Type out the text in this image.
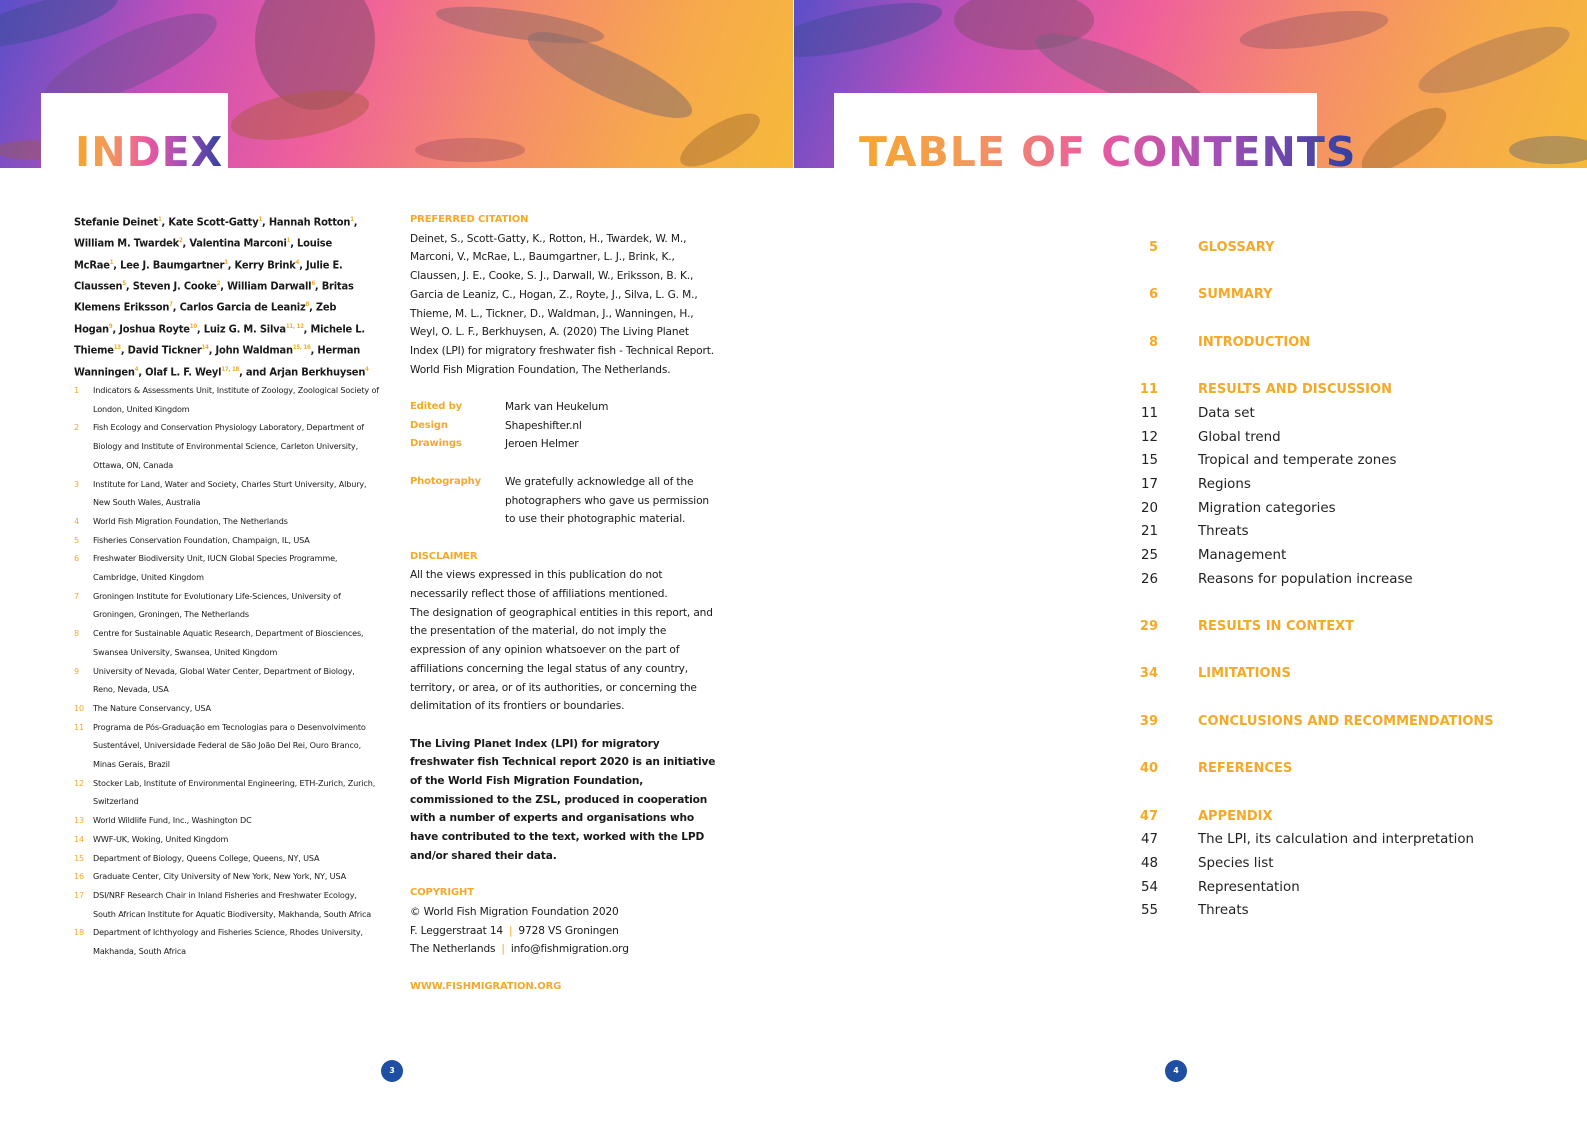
INDEX

Stefanie Deinet$^1$, Kate Scott-Gatty$^1$, Hannah Rotton$^1$, William M. Twardek$^2$, Valentina Marconi$^1$, Louise McRae$^1$, Lee J. Baumgartner$^3$, Kerry Brink$^4$, Julie E. Claussen$^5$, Steven J. Cooke$^2$, William Darwall$^6$, Britas Klemens Eriksson$^7$, Carlos Garcia de Leaniz$^8$, Zeb Hogan$^9$, Joshua Royte$^{10}$, Luiz G. M. Silva$^{11, 12}$, Michele L. Thieme$^{13}$, David Tickner$^{14}$, John Waldman$^{15, 16}$, Herman Wanningen$^4$, Olaf L. F. Weyl$^{17, 18}$, and Arjan Berkhuysen$^4$

1 Indicators & Assessments Unit, Institute of Zoology, Zoological Society of London, United Kingdom
2 Fish Ecology and Conservation Physiology Laboratory, Department of Biology and Institute of Environmental Science, Carleton University, Ottawa, ON, Canada
3 Institute for Land, Water and Society, Charles Sturt University, Albury, New South Wales, Australia
4 World Fish Migration Foundation, The Netherlands
5 Fisheries Conservation Foundation, Champaign, IL, USA
6 Freshwater Biodiversity Unit, IUCN Global Species Programme, Cambridge, United Kingdom
7 Groningen Institute for Evolutionary Life-Sciences, University of Groningen, Groningen, The Netherlands
8 Centre for Sustainable Aquatic Research, Department of Biosciences, Swansea University, Swansea, United Kingdom
9 University of Nevada, Global Water Center, Department of Biology, Reno, Nevada, USA
10 The Nature Conservancy, USA
11 Programa de Pós-Graduação em Tecnologias para o Desenvolvimento Sustentável, Universidade Federal de São João Del Rei, Ouro Branco, Minas Gerais, Brazil
12 Stocker Lab, Institute of Environmental Engineering, ETH-Zurich, Zurich, Switzerland
13 World Wildlife Fund, Inc., Washington DC
14 WWF-UK, Woking, United Kingdom
15 Department of Biology, Queens College, Queens, NY, USA
16 Graduate Center, City University of New York, New York, NY, USA
17 DSI/NRF Research Chair in Inland Fisheries and Freshwater Ecology, South African Institute for Aquatic Biodiversity, Makhanda, South Africa
18 Department of Ichthyology and Fisheries Science, Rhodes University, Makhanda, South Africa
PREFERRED CITATION

Deinet, S., Scott-Gatty, K., Rotton, H., Twardek, W. M., Marconi, V., McRae, L., Baumgartner, L. J., Brink, K., Claussen, J. E., Cooke, S. J., Darwall, W., Eriksson, B. K., Garcia de Leaniz, C., Hogan, Z., Royte, J., Silva, L. G. M., Thieme, M. L., Tickner, D., Waldman, J., Wanningen, H., Weyl, O. L. F., Berkhuysen, A. (2020) The Living Planet Index (LPI) for migratory freshwater fish - Technical Report. World Fish Migration Foundation, The Netherlands.

Edited by	Mark van Heukelum
Design	Shapeshifter.nl
Drawings	Jeroen Helmer
Photography	We gratefully acknowledge all of the photographers who gave us permission to use their photographic material.
DISCLAIMER

All the views expressed in this publication do not necessarily reflect those of affiliations mentioned.

The designation of geographical entities in this report, and the presentation of the material, do not imply the expression of any opinion whatsoever on the part of affiliations concerning the legal status of any country, territory, or area, or of its authorities, or concerning the delimitation of its frontiers or boundaries.

The Living Planet Index (LPI) for migratory freshwater fish Technical report 2020 is an initiative of the World Fish Migration Foundation, commissioned to the ZSL, produced in cooperation with a number of experts and organisations who have contributed to the text, worked with the LPD and/or shared their data.

COPYRIGHT

© World Fish Migration Foundation 2020

F. Leggerstraat 14 | 9728 VS Groningen

The Netherlands | info@fishmigration.org

WWW.FISHMIGRATION.ORG
3
TABLE OF CONTENTS
5	GLOSSARY
6	SUMMARY
8	INTRODUCTION
11	RESULTS AND DISCUSSION
11	Data set
12	Global trend
15	Tropical and temperate zones
17	Regions
20	Migration categories
21	Threats
25	Management
26	Reasons for population increase
29	RESULTS IN CONTEXT
34	LIMITATIONS
39	CONCLUSIONS AND RECOMMENDATIONS
40	REFERENCES
47	APPENDIX
47	The LPI, its calculation and interpretation
48	Species list
54	Representation
55	Threats
4
